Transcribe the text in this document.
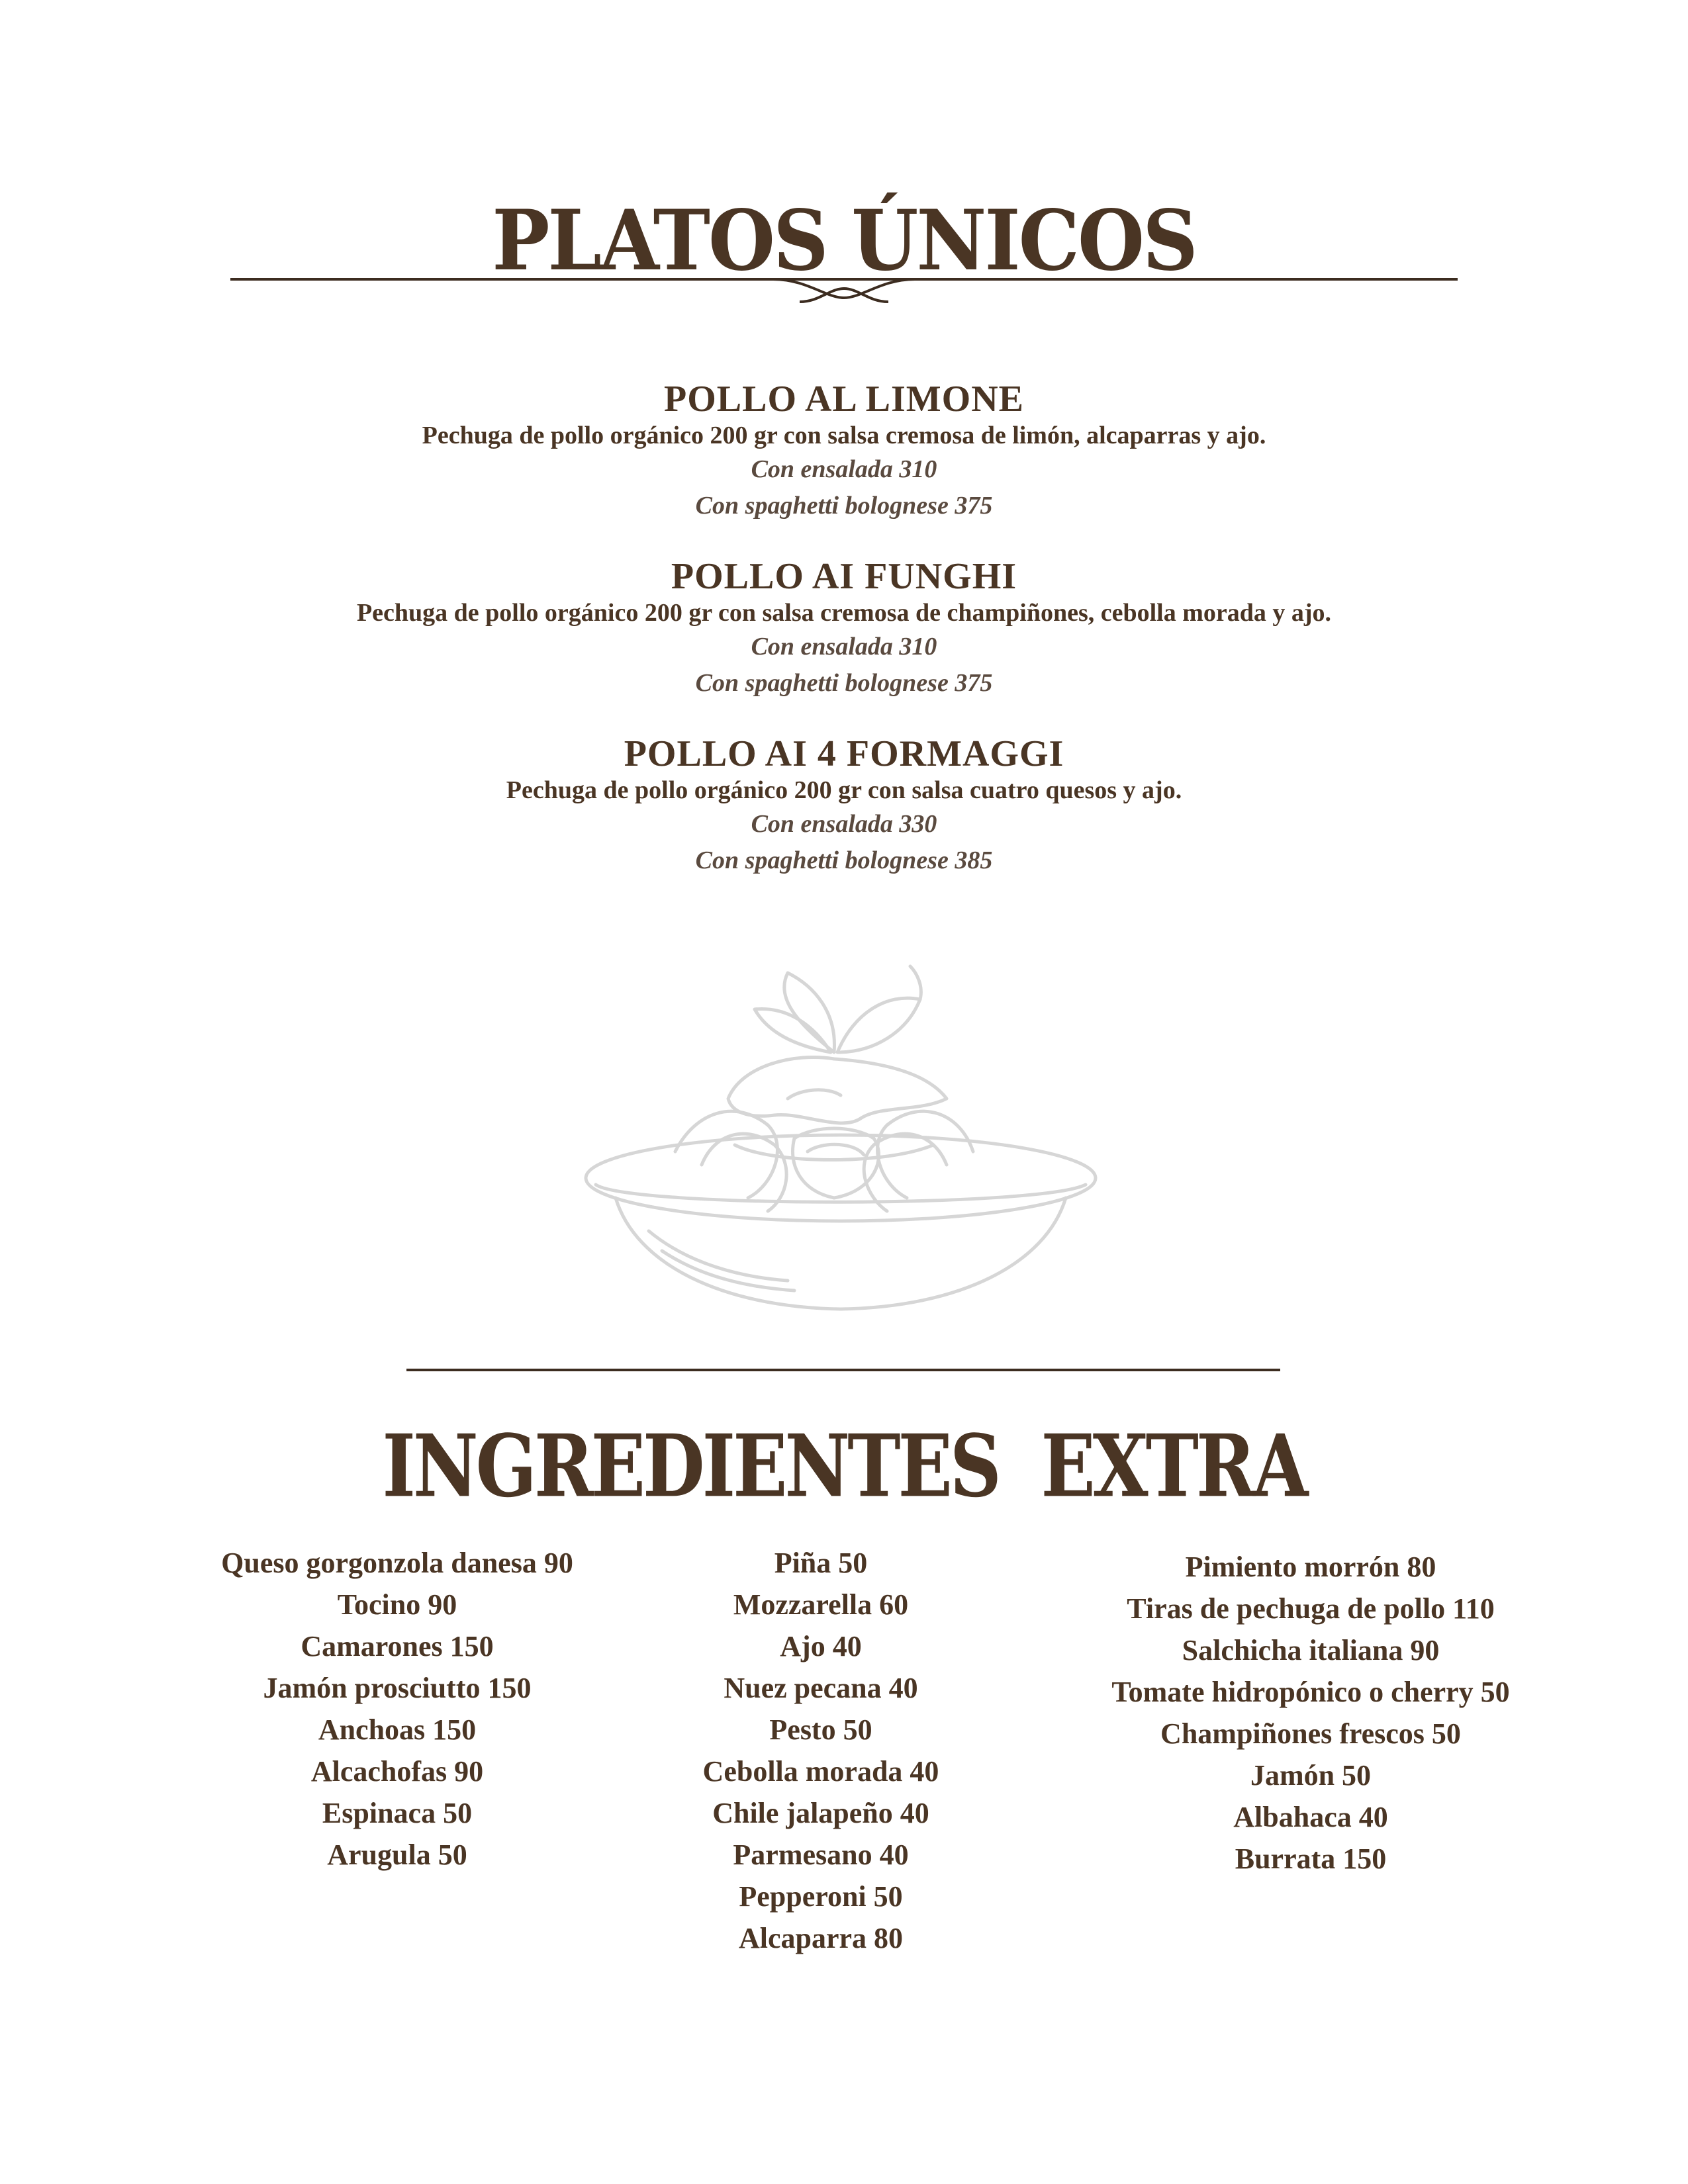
PLATOS ÚNICOS

POLLO AL LIMONE

Pechuga de pollo orgánico 200 gr con salsa cremosa de limón, alcaparras y ajo.

Con ensalada 310

Con spaghetti bolognese 375

POLLO AI FUNGHI

Pechuga de pollo orgánico 200 gr con salsa cremosa de champiñones, cebolla morada y ajo.

Con ensalada 310

Con spaghetti bolognese 375

POLLO AI 4 FORMAGGI

Pechuga de pollo orgánico 200 gr con salsa cuatro quesos y ajo.

Con ensalada 330

Con spaghetti bolognese 385

INGREDIENTES EXTRA
Queso gorgonzola danesa 90
Tocino 90
Camarones 150
Jamón prosciutto 150
Anchoas 150
Alcachofas 90
Espinaca 50
Arugula 50
Piña 50
Mozzarella 60
Ajo 40
Nuez pecana 40
Pesto 50
Cebolla morada 40
Chile jalapeño 40
Parmesano 40
Pepperoni 50
Alcaparra 80
Pimiento morrón 80
Tiras de pechuga de pollo 110
Salchicha italiana 90
Tomate hidropónico o cherry 50
Champiñones frescos 50
Jamón 50
Albahaca 40
Burrata 150
